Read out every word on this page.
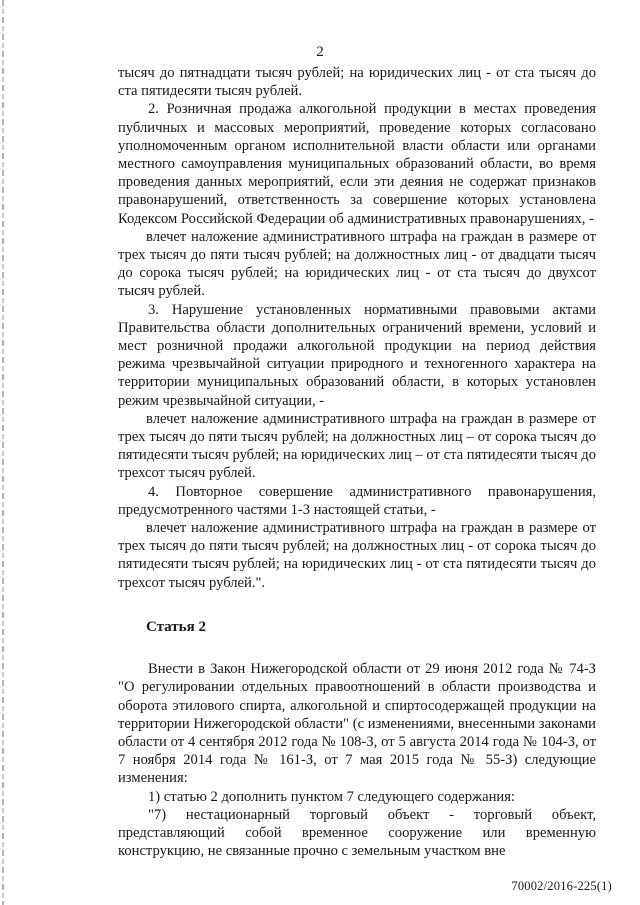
2

тысяч до пятнадцати тысяч рублей; на юридических лиц - от ста тысяч до ста пятидесяти тысяч рублей.

2. Розничная продажа алкогольной продукции в местах проведения публичных и массовых мероприятий, проведение которых согласовано уполномоченным органом исполнительной власти области или органами местного самоуправления муниципальных образований области, во время проведения данных мероприятий, если эти деяния не содержат признаков правонарушений, ответственность за совершение которых установлена Кодексом Российской Федерации об административных правонарушениях, -

влечет наложение административного штрафа на граждан в размере от трех тысяч до пяти тысяч рублей; на должностных лиц - от двадцати тысяч до сорока тысяч рублей; на юридических лиц - от ста тысяч до двухсот тысяч рублей.

3. Нарушение установленных нормативными правовыми актами Правительства области дополнительных ограничений времени, условий и мест розничной продажи алкогольной продукции на период действия режима чрезвычайной ситуации природного и техногенного характера на территории муниципальных образований области, в которых установлен режим чрезвычайной ситуации, -

влечет наложение административного штрафа на граждан в размере от трех тысяч до пяти тысяч рублей; на должностных лиц – от сорока тысяч до пятидесяти тысяч рублей; на юридических лиц – от ста пятидесяти тысяч до трехсот тысяч рублей.

4. Повторное совершение административного правонарушения, предусмотренного частями 1-3 настоящей статьи, -

влечет наложение административного штрафа на граждан в размере от трех тысяч до пяти тысяч рублей; на должностных лиц - от сорока тысяч до пятидесяти тысяч рублей; на юридических лиц - от ста пятидесяти тысяч до трехсот тысяч рублей.".

Статья 2

Внести в Закон Нижегородской области от 29 июня 2012 года № 74-З "О регулировании отдельных правоотношений в области производства и оборота этилового спирта, алкогольной и спиртосодержащей продукции на территории Нижегородской области" (с изменениями, внесенными законами области от 4 сентября 2012 года № 108-З, от 5 августа 2014 года № 104-З, от 7 ноября 2014 года № 161-З, от 7 мая 2015 года № 55-З) следующие изменения:

1) статью 2 дополнить пунктом 7 следующего содержания:

"7) нестационарный торговый объект - торговый объект, представляющий собой временное сооружение или временную конструкцию, не связанные прочно с земельным участком вне

70002/2016-225(1)
